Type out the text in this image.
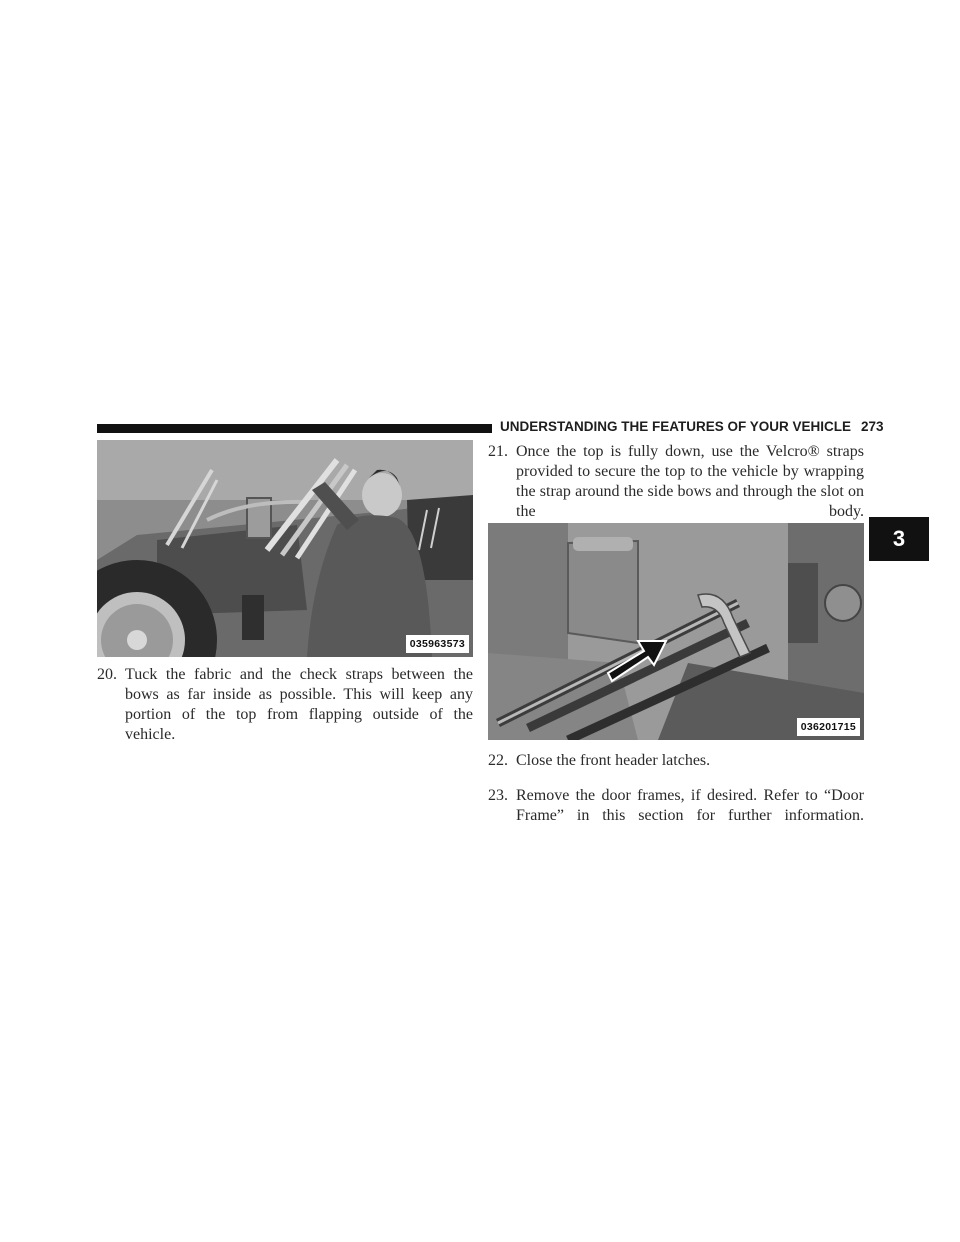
UNDERSTANDING THE FEATURES OF YOUR VEHICLE 273
3
035963573
036201715
20. Tuck the fabric and the check straps between the bows as far inside as possible. This will keep any portion of the top from flapping outside of the vehicle.
21. Once the top is fully down, use the Velcro® straps provided to secure the top to the vehicle by wrapping the strap around the side bows and through the slot on the body.
22. Close the front header latches.
23. Remove the door frames, if desired. Refer to “Door Frame” in this section for further information.
